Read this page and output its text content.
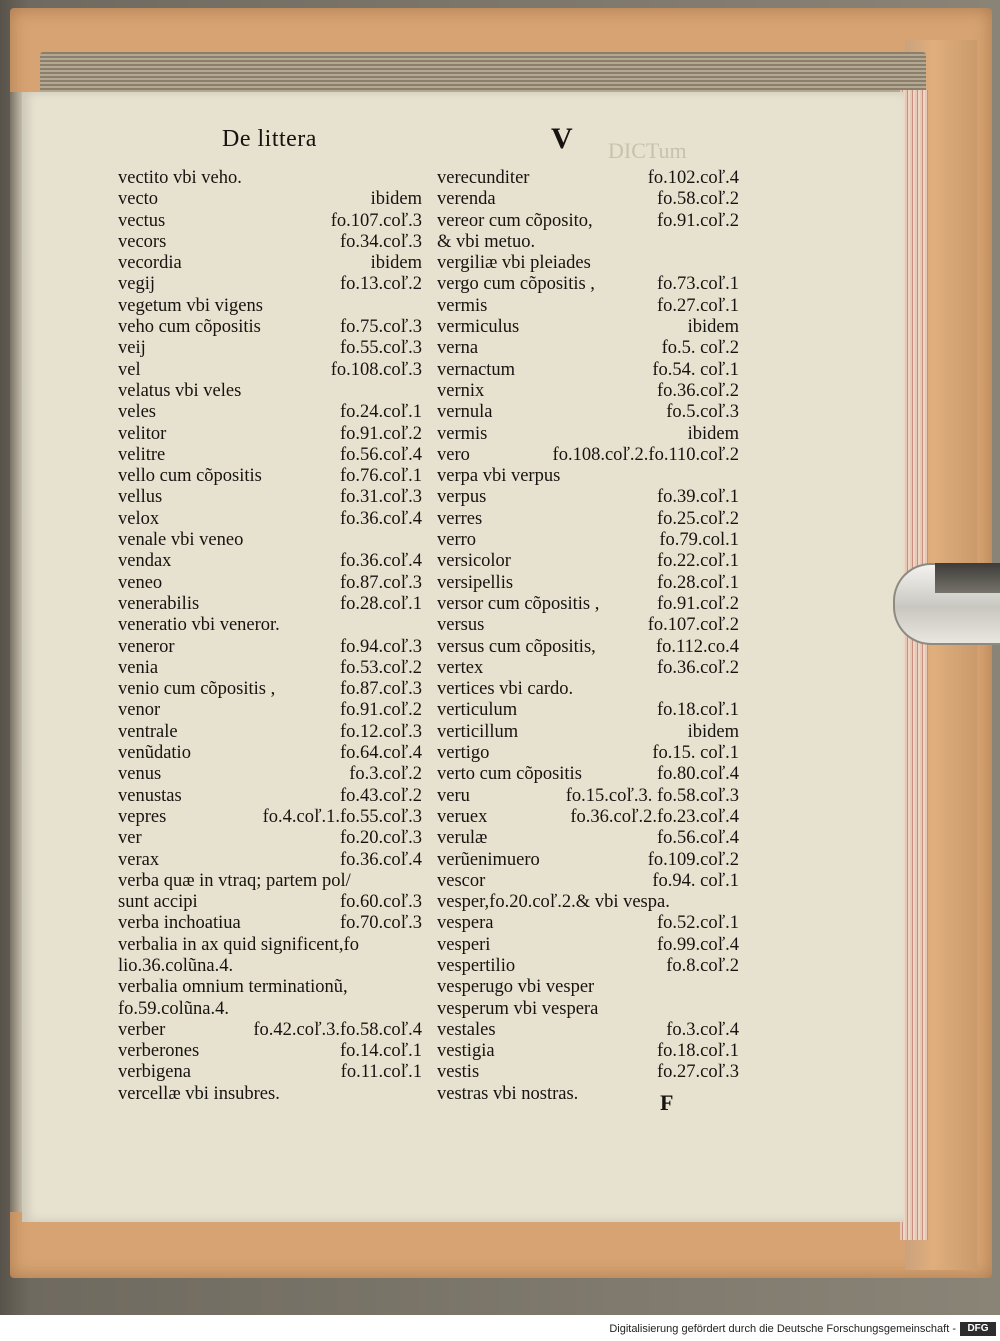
De littera	DICTum
V
vectito vbi veho.
vecto	ibidem
vectus	fo.107.coľ.3
vecors	fo.34.coľ.3
vecordia	ibidem
vegij	fo.13.coľ.2
vegetum vbi vigens
veho cum cõpositis	fo.75.coľ.3
veij	fo.55.coľ.3
vel	fo.108.coľ.3
velatus vbi veles
veles	fo.24.coľ.1
velitor	fo.91.coľ.2
velitre	fo.56.coľ.4
vello cum cõpositis	fo.76.coľ.1
vellus	fo.31.coľ.3
velox	fo.36.coľ.4
venale vbi veneo
vendax	fo.36.coľ.4
veneo	fo.87.coľ.3
venerabilis	fo.28.coľ.1
veneratio vbi veneror.
veneror	fo.94.coľ.3
venia	fo.53.coľ.2
venio cum cõpositis ,	fo.87.coľ.3
venor	fo.91.coľ.2
ventrale	fo.12.coľ.3
venũdatio	fo.64.coľ.4
venus	fo.3.coľ.2
venustas	fo.43.coľ.2
vepres	fo.4.coľ.1.fo.55.coľ.3
ver	fo.20.coľ.3
verax	fo.36.coľ.4
verba quæ in vtraq; partem pol/
sunt accipi	fo.60.coľ.3
verba inchoatiua	fo.70.coľ.3
verbalia in ax quid significent,fo
lio.36.colũna.4.
verbalia omnium terminationũ,
fo.59.colũna.4.
verber	fo.42.coľ.3.fo.58.coľ.4
verberones	fo.14.coľ.1
verbigena	fo.11.coľ.1
vercellæ vbi insubres.
verecunditer	fo.102.coľ.4
verenda	fo.58.coľ.2
vereor cum cõposito,	fo.91.coľ.2
& vbi metuo.
vergiliæ vbi pleiades
vergo cum cõpositis ,	fo.73.coľ.1
vermis	fo.27.coľ.1
vermiculus	ibidem
verna	fo.5. coľ.2
vernactum	fo.54. coľ.1
vernix	fo.36.coľ.2
vernula	fo.5.coľ.3
vermis	ibidem
vero	fo.108.coľ.2.fo.110.coľ.2
verpa vbi verpus
verpus	fo.39.coľ.1
verres	fo.25.coľ.2
verro	fo.79.col.1
versicolor	fo.22.coľ.1
versipellis	fo.28.coľ.1
versor cum cõpositis ,	fo.91.coľ.2
versus	fo.107.coľ.2
versus cum cõpositis,	fo.112.co.4
vertex	fo.36.coľ.2
vertices vbi cardo.
verticulum	fo.18.coľ.1
verticillum	ibidem
vertigo	fo.15. coľ.1
verto cum cõpositis	fo.80.coľ.4
veru	fo.15.coľ.3. fo.58.coľ.3
veruex	fo.36.coľ.2.fo.23.coľ.4
verulæ	fo.56.coľ.4
verũenimuero	fo.109.coľ.2
vescor	fo.94. coľ.1
vesper,fo.20.coľ.2.& vbi vespa.
vespera	fo.52.coľ.1
vesperi	fo.99.coľ.4
vespertilio	fo.8.coľ.2
vesperugo vbi vesper
vesperum vbi vespera
vestales	fo.3.coľ.4
vestigia	fo.18.coľ.1
vestis	fo.27.coľ.3
vestras vbi nostras.	F
Digitalisierung gefördert durch die Deutsche Forschungsgemeinschaft -	DFG
